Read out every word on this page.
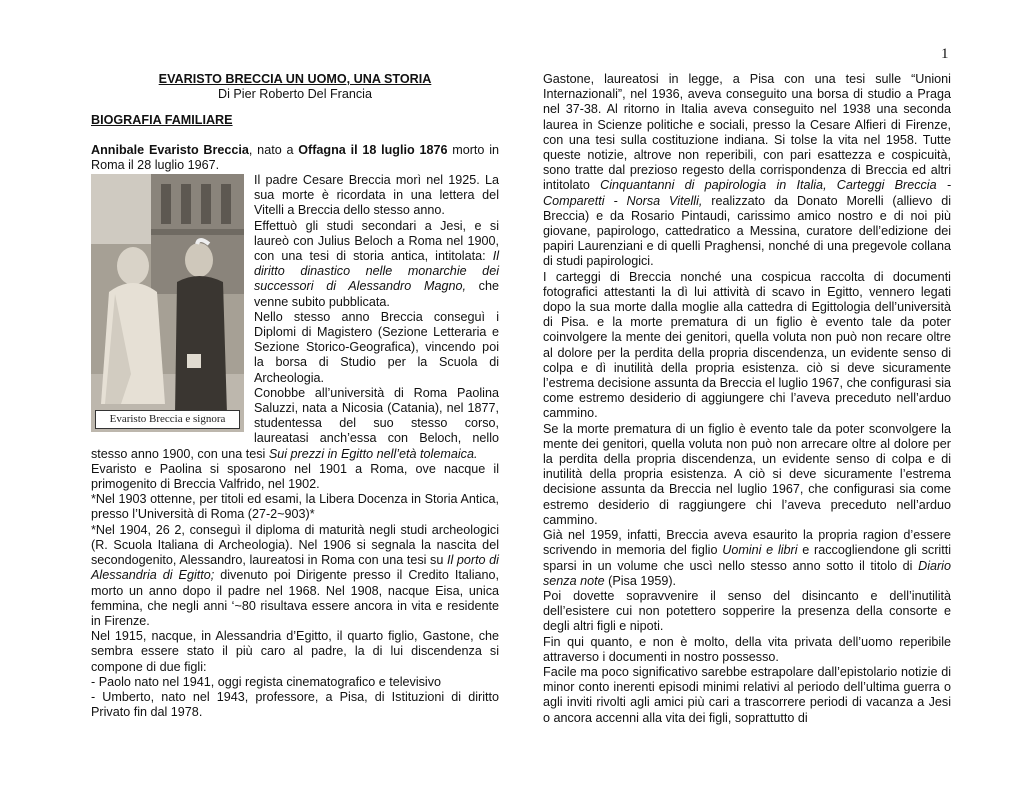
1

EVARISTO BRECCIA UN UOMO, UNA STORIA

Di Pier Roberto Del Francia

BIOGRAFIA FAMILIARE

Annibale Evaristo Breccia, nato a Offagna il 18 luglio 1876 morto in Roma il 28 luglio 1967.

Evaristo Breccia e signora

Il padre Cesare Breccia morì nel 1925. La sua morte è ricordata in una lettera del Vitelli a Breccia dello stesso anno.

Effettuò gli studi secondari a Jesi, e si laureò con Julius Beloch a Roma nel 1900, con una tesi di storia antica, intitolata: Il diritto dinastico nelle monarchie dei successori di Alessandro Magno, che venne subito pubblicata.

Nello stesso anno Breccia conseguì i Diplomi di Magistero (Sezione Letteraria e Sezione Storico-Geografica), vincendo poi la borsa di Studio per la Scuola di Archeologia.

Conobbe all’università di Roma Paolina Saluzzi, nata a Nicosia (Catania), nel 1877, studentessa del suo stesso corso, laureatasi anch’essa con Beloch, nello stesso anno 1900, con una tesi Sui prezzi in Egitto nell’età tolemaica.

Evaristo e Paolina si sposarono nel 1901 a Roma, ove nacque il primogenito di Breccia Valfrido, nel 1902.

*Nel 1903 ottenne, per titoli ed esami, la Libera Docenza in Storia Antica, presso l’Università di Roma (27-2~903)*

*Nel 1904, 26 2, conseguì il diploma di maturità negli studi archeologici (R. Scuola Italiana di Archeologia). Nel 1906 si segnala la nascita del secondogenito, Alessandro, laureatosi in Roma con una tesi su Il porto di Alessandria di Egitto; divenuto poi Dirigente presso il Credito Italiano, morto un anno dopo il padre nel 1968. Nel 1908, nacque Eisa, unica femmina, che negli anni ‘~80 risultava essere ancora in vita e residente in Firenze.

Nel 1915, nacque, in Alessandria d’Egitto, il quarto figlio, Gastone, che sembra essere stato il più caro al padre, la di lui discendenza si compone di due figli:

- Paolo nato nel 1941, oggi regista cinematografico e televisivo

- Umberto, nato nel 1943, professore, a Pisa, di Istituzioni di diritto Privato fin dal 1978.

Gastone, laureatosi in legge, a Pisa con una tesi sulle “Unioni Internazionali”, nel 1936, aveva conseguito una borsa di studio a Praga nel 37-38. Al ritorno in Italia aveva conseguito nel 1938 una seconda laurea in Scienze politiche e sociali, presso la Cesare Alfieri di Firenze, con una tesi sulla costituzione indiana. Si tolse la vita nel 1958. Tutte queste notizie, altrove non reperibili, con pari esattezza e cospicuità, sono tratte dal prezioso regesto della corrispondenza di Breccia ed altri intitolato Cinquantanni di papirologia in Italia, Carteggi Breccia - Comparetti - Norsa Vitelli, realizzato da Donato Morelli (allievo di Breccia) e da Rosario Pintaudi, carissimo amico nostro e di noi più giovane, papirologo, cattedratico a Messina, curatore dell’edizione dei papiri Laurenziani e di quelli Praghensi, nonché di una pregevole collana di studi papirologici.

I carteggi di Breccia nonché una cospicua raccolta di documenti fotografici attestanti la dì lui attività di scavo in Egitto, vennero legati dopo la sua morte dalla moglie alla cattedra di Egittologia dell’università di Pisa. e la morte prematura di un figlio è evento tale da poter coinvolgere la mente dei genitori, quella voluta non può non recare oltre al dolore per la perdita della propria discendenza, un evidente senso di colpa e dì inutilità della propria esistenza. ciò si deve sicuramente l’estrema decisione assunta da Breccia el luglio 1967, che configurasi sia come estremo desiderio di aggiungere chi l’aveva preceduto nell’arduo cammino.

Se la morte prematura di un figlio è evento tale da poter sconvolgere la mente dei genitori, quella voluta non può non arrecare oltre al dolore per la perdita della propria discendenza, un evidente senso di colpa e di inutilità della propria esistenza. A ciò si deve sicuramente l’estrema decisione assunta da Breccia nel luglio 1967, che configurasi sia come estremo desiderio di raggiungere chi l’aveva preceduto nell’arduo cammino.

Già nel 1959, infatti, Breccia aveva esaurito la propria ragion d’essere scrivendo in memoria del figlio Uomini e libri e raccogliendone gli scritti sparsi in un volume che uscì nello stesso anno sotto il titolo di Diario senza note (Pisa 1959).

Poi dovette sopravvenire il senso del disincanto e dell’inutilità dell’esistere cui non potettero sopperire la presenza della consorte e degli altri figli e nipoti.

Fin qui quanto, e non è molto, della vita privata dell’uomo reperibile attraverso i documenti in nostro possesso.

Facile ma poco significativo sarebbe estrapolare dall’epistolario notizie di minor conto inerenti episodi minimi relativi al periodo dell’ultima guerra o agli inviti rivolti agli amici più cari a trascorrere periodi di vacanza a Jesi o ancora accenni alla vita dei figli, soprattutto di
